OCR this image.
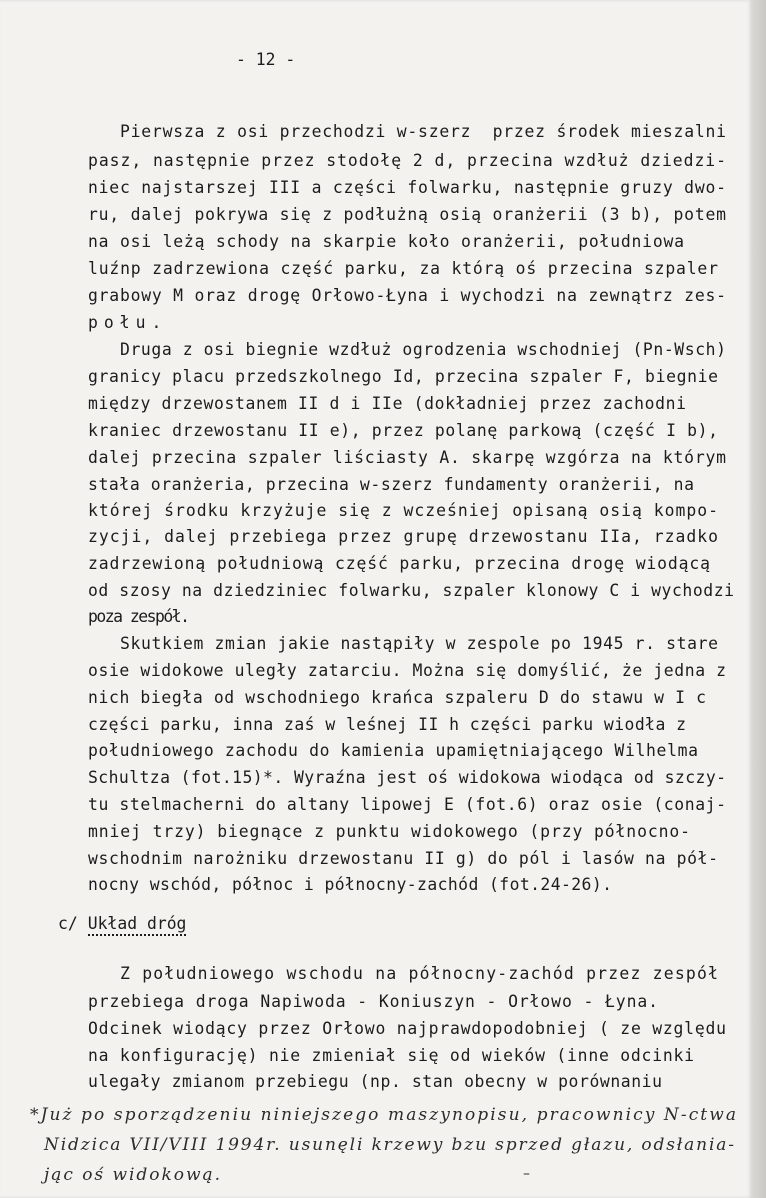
- 12 -
Pierwsza z osi przechodzi w-szerz  przez środek mieszalni
pasz, następnie przez stodołę 2 d, przecina wzdłuż dziedzi-
niec najstarszej III a części folwarku, następnie gruzy dwo-
ru, dalej pokrywa się z podłużną osią oranżerii (3 b), potem
na osi leżą schody na skarpie koło oranżerii, południowa
luźnp zadrzewiona część parku, za którą oś przecina szpaler
grabowy M oraz drogę Orłowo-Łyna i wychodzi na zewnątrz zes-
połu.
Druga z osi biegnie wzdłuż ogrodzenia wschodniej (Pn-Wsch)
granicy placu przedszkolnego Id, przecina szpaler F, biegnie
między drzewostanem II d i IIe (dokładniej przez zachodni
kraniec drzewostanu II e), przez polanę parkową (część I b),
dalej przecina szpaler liściasty A. skarpę wzgórza na którym
stała oranżeria, przecina w-szerz fundamenty oranżerii, na
której środku krzyżuje się z wcześniej opisaną osią kompo-
zycji, dalej przebiega przez grupę drzewostanu IIa, rzadko
zadrzewioną południową część parku, przecina drogę wiodącą
od szosy na dziedziniec folwarku, szpaler klonowy C i wychodzi
poza zespół.
Skutkiem zmian jakie nastąpiły w zespole po 1945 r. stare
osie widokowe uległy zatarciu. Można się domyślić, że jedna z
nich biegła od wschodniego krańca szpaleru D do stawu w I c
części parku, inna zaś w leśnej II h części parku wiodła z
południowego zachodu do kamienia upamiętniającego Wilhelma
Schultza (fot.15)*. Wyraźna jest oś widokowa wiodąca od szczy-
tu stelmacherni do altany lipowej E (fot.6) oraz osie (conaj-
mniej trzy) biegnące z punktu widokowego (przy północno-
wschodnim narożniku drzewostanu II g) do pól i lasów na pół-
nocny wschód, północ i północny-zachód (fot.24-26).
c/ Układ dróg
Z południowego wschodu na północny-zachód przez zespół
przebiega droga Napiwoda - Koniuszyn - Orłowo - Łyna.
Odcinek wiodący przez Orłowo najprawdopodobniej ( ze względu
na konfigurację) nie zmieniał się od wieków (inne odcinki
ulegały zmianom przebiegu (np. stan obecny w porównaniu
*Już po sporządzeniu niniejszego maszynopisu, pracownicy N-ctwa
Nidzica VII/VIII 1994r. usunęli krzewy bzu sprzed głazu, odsłania-
jąc oś widokową.	–
